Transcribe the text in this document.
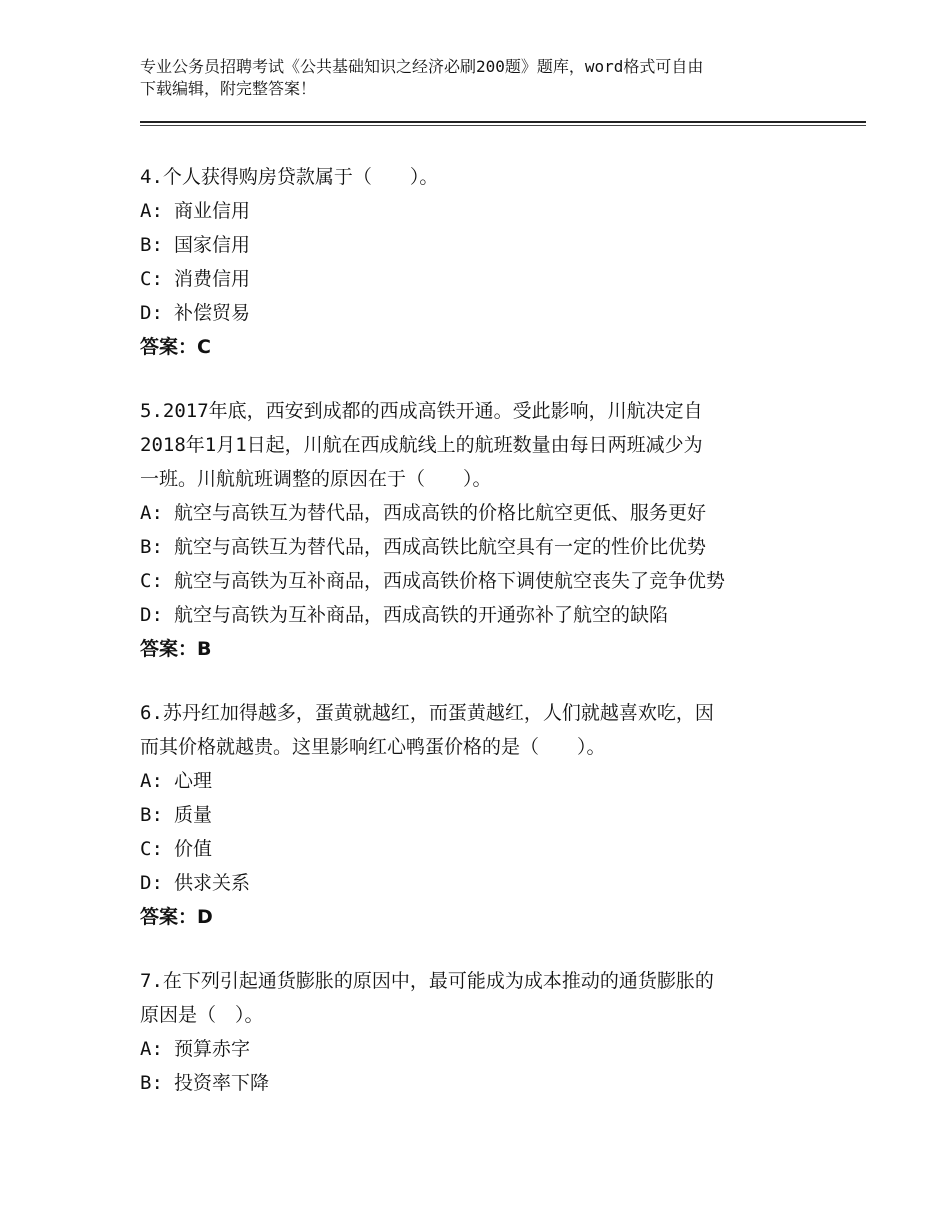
专业公务员招聘考试《公共基础知识之经济必刷200题》题库，word格式可自由
下载编辑，附完整答案！
4.个人获得购房贷款属于（　　）。
A: 商业信用
B: 国家信用
C: 消费信用
D: 补偿贸易
答案：C
5.2017年底，西安到成都的西成高铁开通。受此影响，川航决定自
2018年1月1日起，川航在西成航线上的航班数量由每日两班减少为
一班。川航航班调整的原因在于（　　）。
A: 航空与高铁互为替代品，西成高铁的价格比航空更低、服务更好
B: 航空与高铁互为替代品，西成高铁比航空具有一定的性价比优势
C: 航空与高铁为互补商品，西成高铁价格下调使航空丧失了竞争优势
D: 航空与高铁为互补商品，西成高铁的开通弥补了航空的缺陷
答案：B
6.苏丹红加得越多，蛋黄就越红，而蛋黄越红，人们就越喜欢吃，因
而其价格就越贵。这里影响红心鸭蛋价格的是（　　）。
A: 心理
B: 质量
C: 价值
D: 供求关系
答案：D
7.在下列引起通货膨胀的原因中，最可能成为成本推动的通货膨胀的
原因是（　）。
A: 预算赤字
B: 投资率下降
